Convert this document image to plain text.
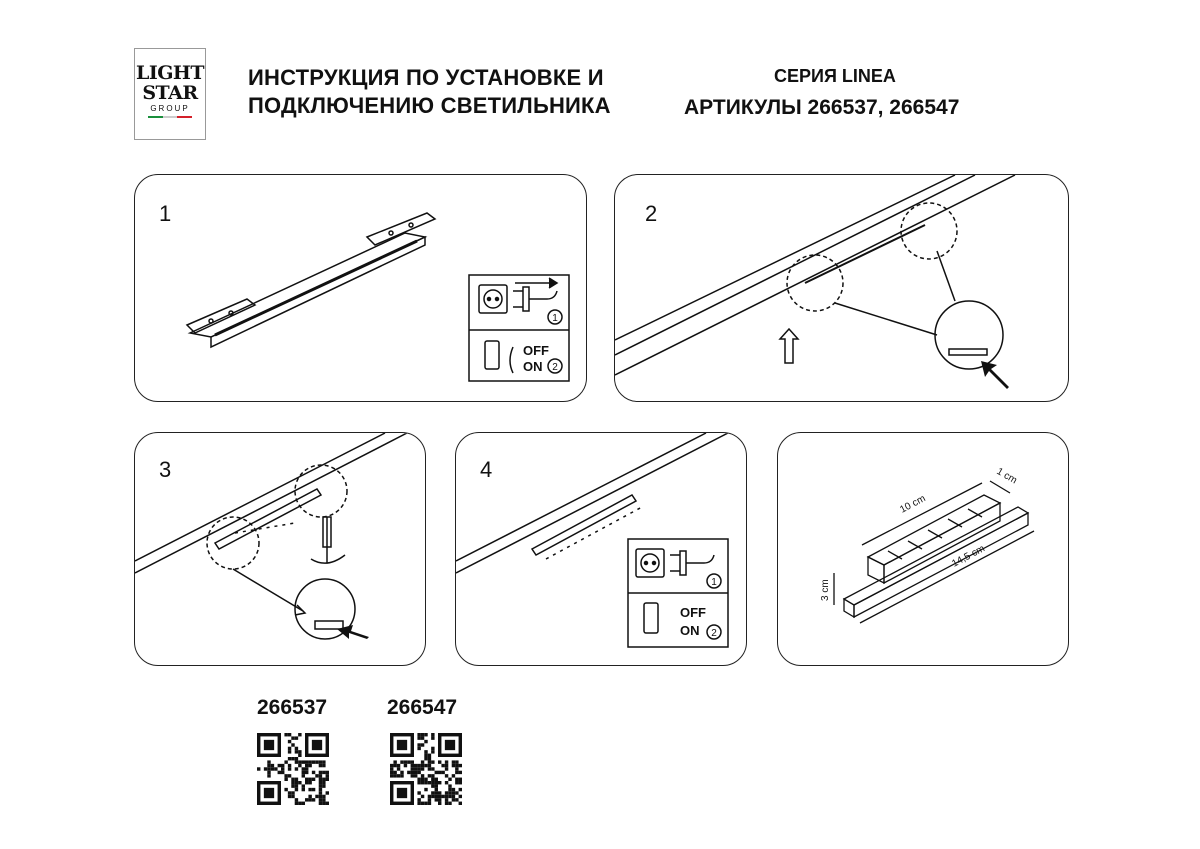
LIGHT
STAR
GROUP
ИНСТРУКЦИЯ ПО УСТАНОВКЕ И
ПОДКЛЮЧЕНИЮ СВЕТИЛЬНИКА
СЕРИЯ LINEA
АРТИКУЛЫ 266537, 266547
1
1
OFF
ON 2
2
3	4
1
OFF
ON 2
14,5 cm
10 cm
1 cm
3 cm
266537	266547
